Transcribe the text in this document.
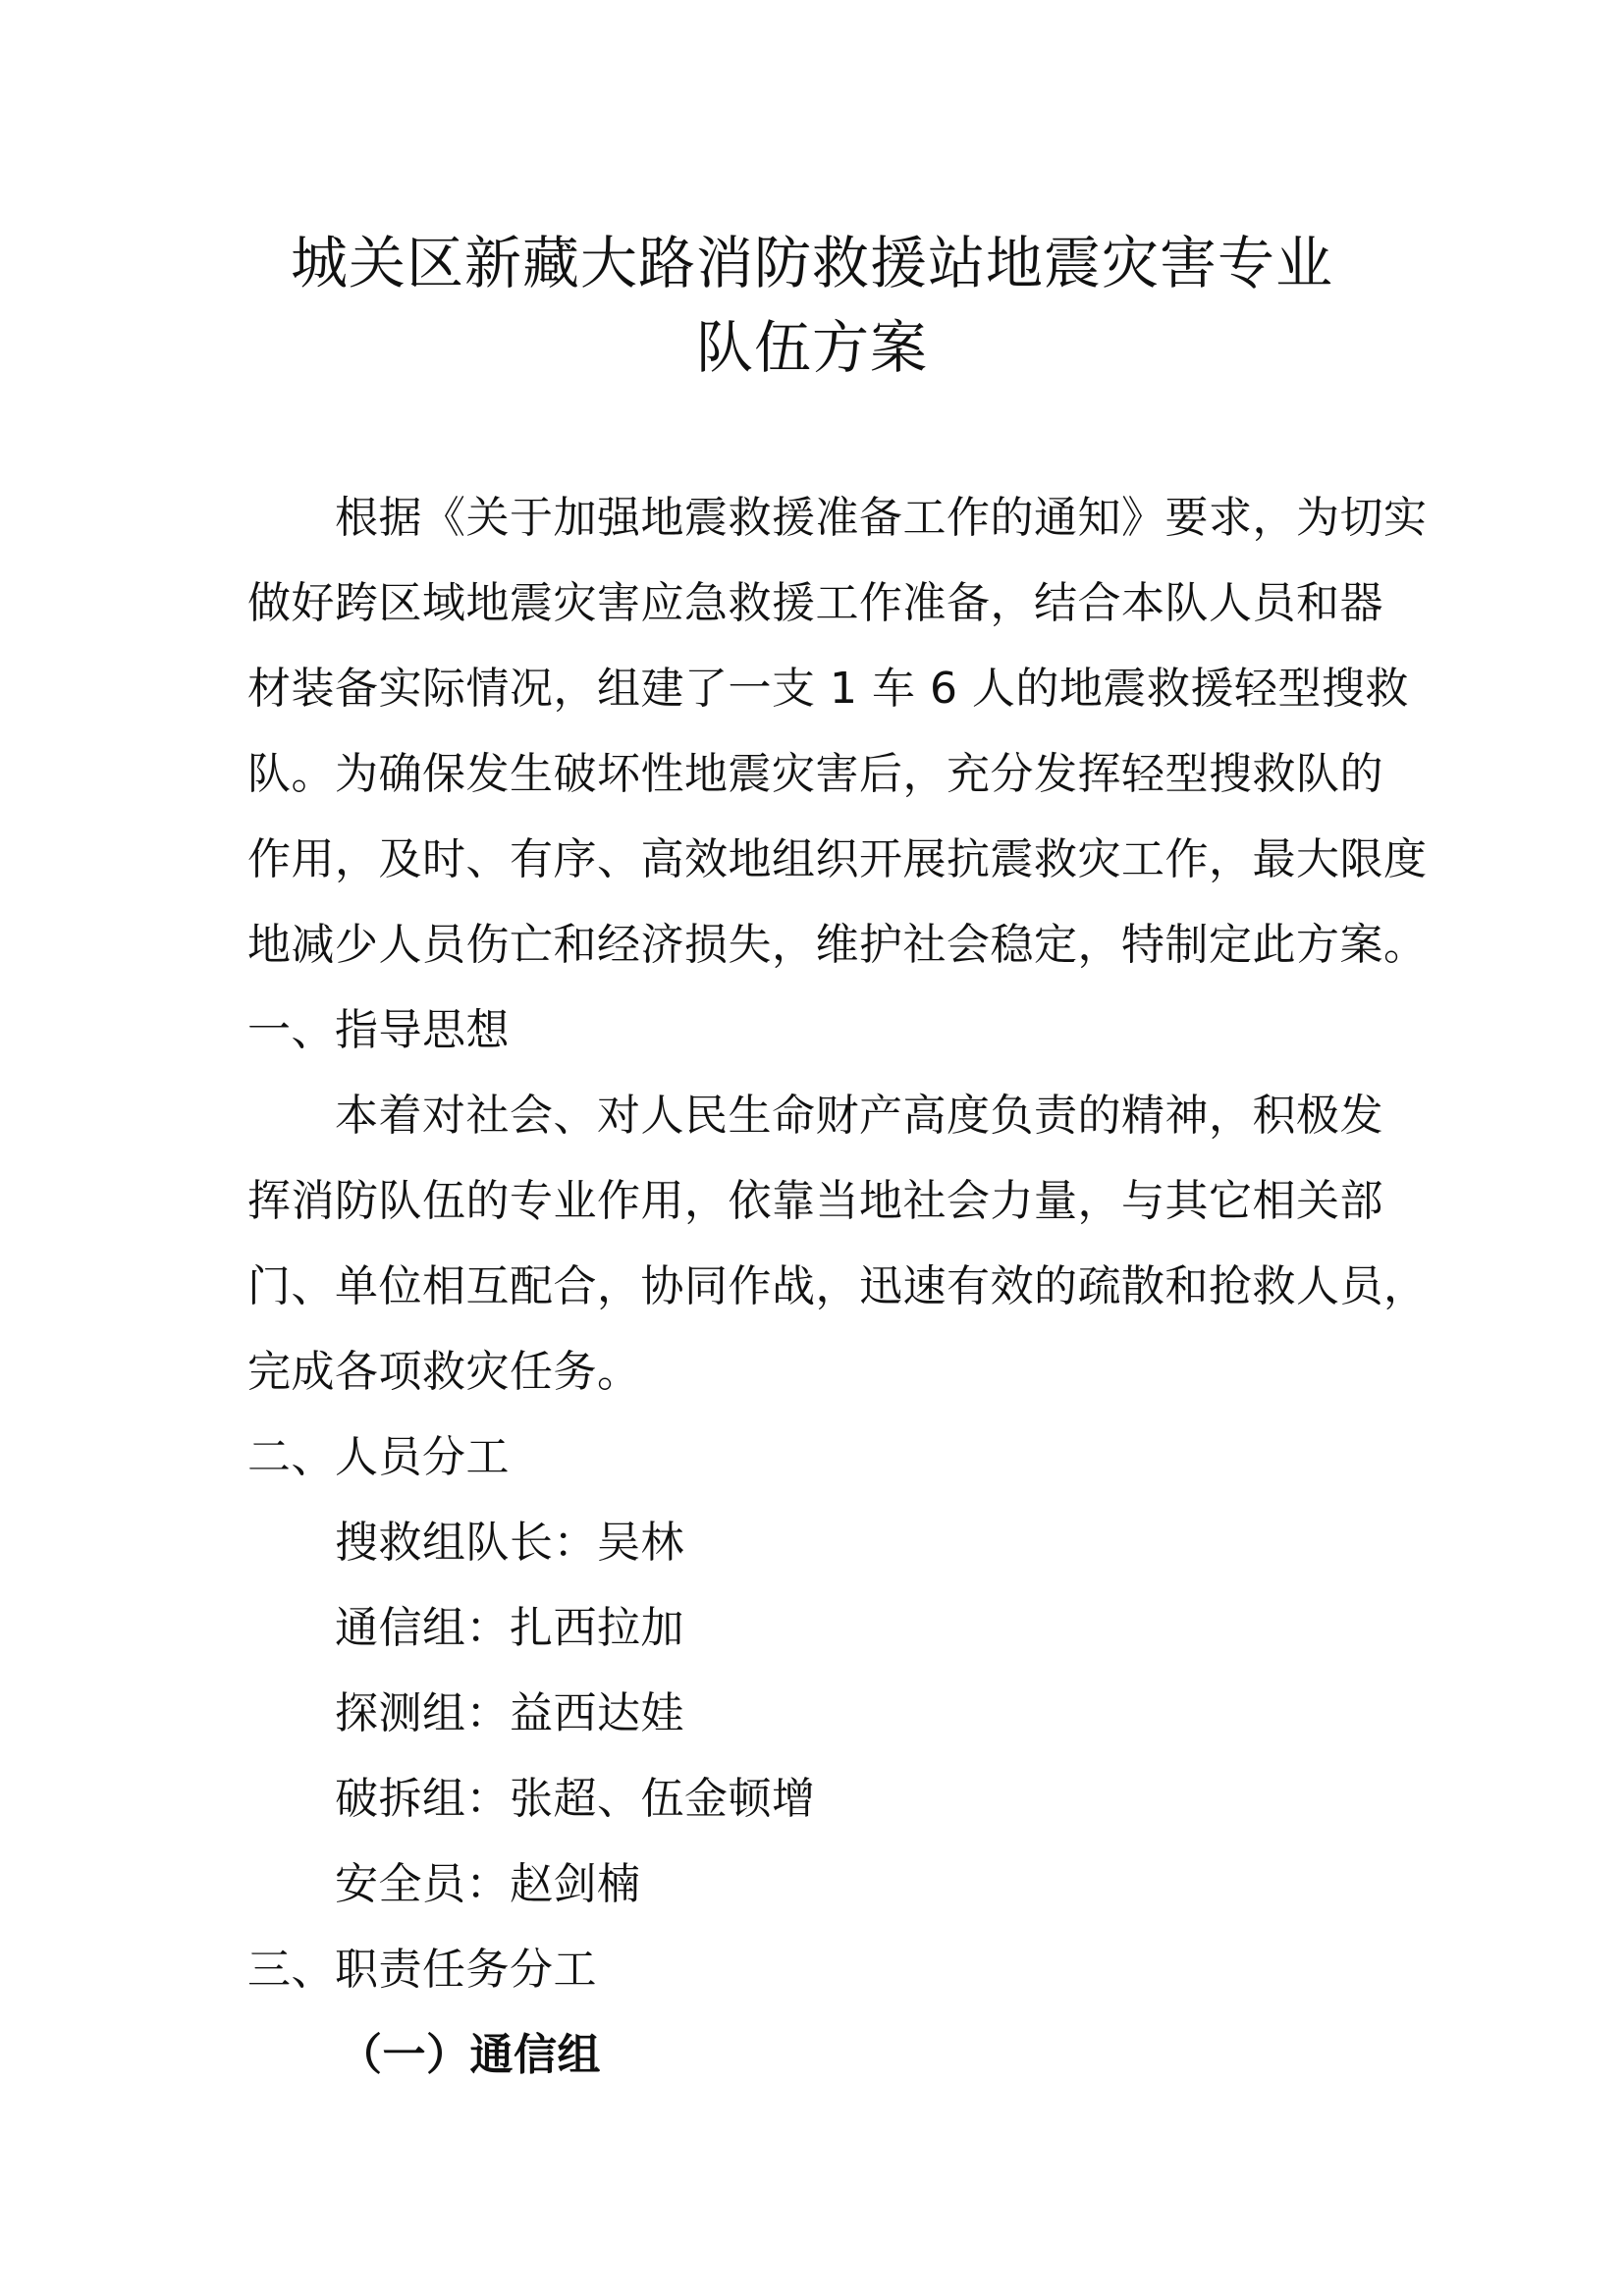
城关区新藏大路消防救援站地震灾害专业
队伍方案
根据《关于加强地震救援准备工作的通知》要求，为切实
做好跨区域地震灾害应急救援工作准备，结合本队人员和器
材装备实际情况，组建了一支 1 车 6 人的地震救援轻型搜救
队。为确保发生破坏性地震灾害后，充分发挥轻型搜救队的
作用，及时、有序、高效地组织开展抗震救灾工作，最大限度
地减少人员伤亡和经济损失，维护社会稳定，特制定此方案。
一、指导思想
本着对社会、对人民生命财产高度负责的精神，积极发
挥消防队伍的专业作用，依靠当地社会力量，与其它相关部
门、单位相互配合，协同作战，迅速有效的疏散和抢救人员，
完成各项救灾任务。
二、人员分工
搜救组队长：吴林
通信组：扎西拉加
探测组：益西达娃
破拆组：张超、伍金顿增
安全员：赵剑楠
三、职责任务分工
（一）通信组
